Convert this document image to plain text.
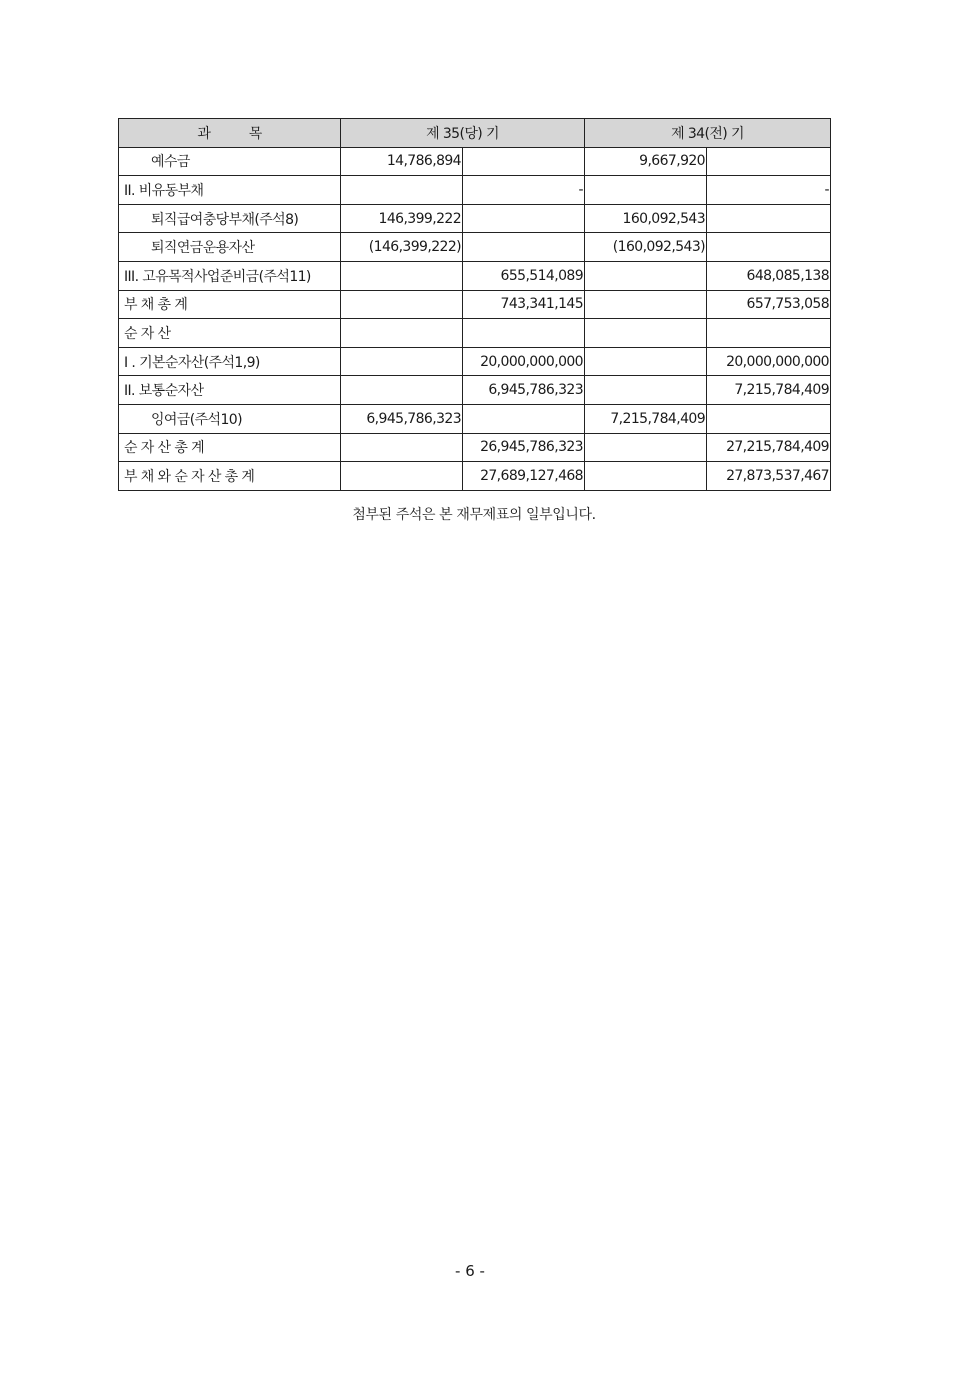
과          목	제 35(당) 기		제 34(전) 기	
예수금	14,786,894		9,667,920	
II. 비유동부채		-		-
퇴직급여충당부채(주석8)	146,399,222		160,092,543	
퇴직연금운용자산	(146,399,222)		(160,092,543)	
III. 고유목적사업준비금(주석11)		655,514,089		648,085,138
부 채 총 계		743,341,145		657,753,058
순 자 산				
I . 기본순자산(주석1,9)		20,000,000,000		20,000,000,000
II. 보통순자산		6,945,786,323		7,215,784,409
잉여금(주석10)	6,945,786,323		7,215,784,409	
순 자 산 총 계		26,945,786,323		27,215,784,409
부 채 와 순 자 산 총 계		27,689,127,468		27,873,537,467
첨부된 주석은 본 재무제표의 일부입니다.
- 6 -
